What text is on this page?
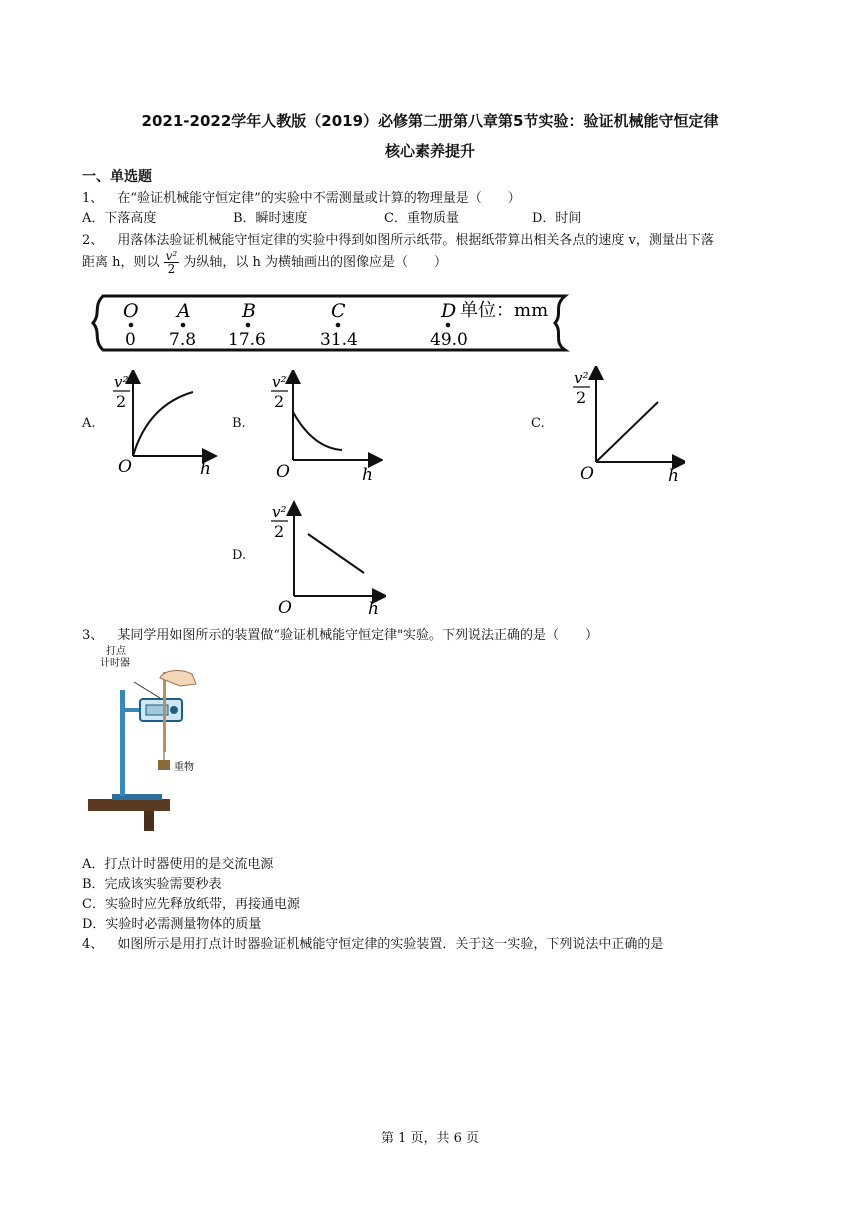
2021-2022学年人教版（2019）必修第二册第八章第5节实验：验证机械能守恒定律
核心素养提升
一、单选题
1、 在“验证机械能守恒定律”的实验中不需测量或计算的物理量是（　　）
A．下落高度	B．瞬时速度	C．重物质量	D．时间
2、 用落体法验证机械能守恒定律的实验中得到如图所示纸带。根据纸带算出相关各点的速度 v，测量出下落
距离 h，则以 $\frac{\text{v²}}{2}$ 为纵轴，以 h 为横轴画出的图像应是（　　）
O A	B	C	D 单位：mm
0 7.8 17.6	31.4	49.0
A.	B.	C.
D.
v²
2
O	h
v²
2
O	h
v²
2
O	h
v²
2
O	h
3、 某同学用如图所示的装置做“验证机械能守恒定律"实验。下列说法正确的是（　　）
打点
计时器
重物
A．打点计时器使用的是交流电源
B．完成该实验需要秒表
C．实验时应先释放纸带，再接通电源
D．实验时必需测量物体的质量
4、 如图所示是用打点计时器验证机械能守恒定律的实验装置．关于这一实验，下列说法中正确的是
第 1 页，共 6 页
